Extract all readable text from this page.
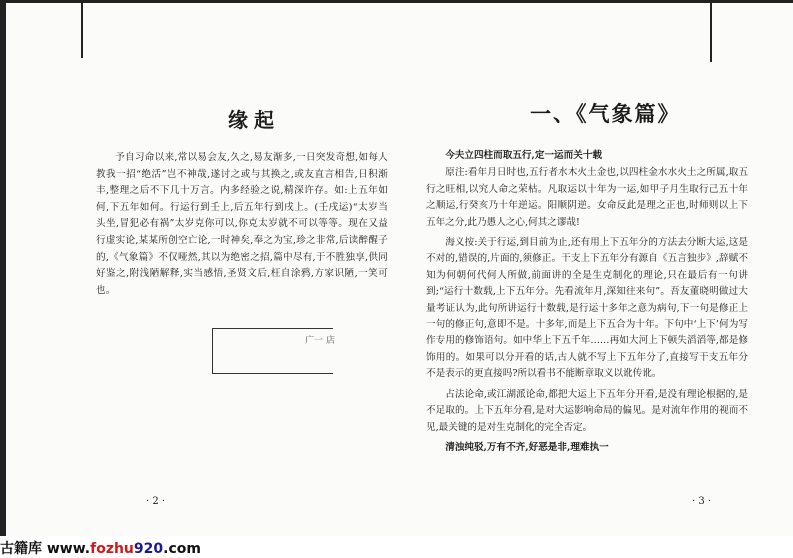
缘起

予自习命以来,常以易会友,久之,易友渐多,一日突发奇想,如每人教我一招“绝活”岂不神哉,遂讨之或与其换之,或友直言相告,日积渐丰,整理之后不下几十万言。内多经验之说,精深许存。如:上五年如何,下五年如何。行运行到壬上,后五年行到戌上。(壬戌运)“太岁当头坐,冒犯必有祸”太岁克你可以,你克太岁就不可以等等。现在又益行虚实论,某某所创空亡论,一时神矣,奉之为宝,珍之非常,后读醉醒子的,《气象篇》不仅哑然,其以为绝密之招,篇中尽有,于不胜独享,供同好鉴之,附浅陋解释,实当感悟,圣贤文后,枉自涂鸦,方家识陋,一笑可也。

广一 店
· 2 ·
一、《气象篇》

今夫立四柱而取五行,定一运而关十载

原注:看年月日时也,五行者水木火土金也,以四柱金水水火土之所属,取五行之旺相,以究人命之荣枯。凡取运以十年为一运,如甲子月生取行己五十年之顺运,行癸亥乃十年逆运。阳顺阴逆。女命反此是理之正也,时师则以上下五年之分,此乃愚人之心,何其之谬哉!

海义按:关于行运,到目前为止,还有用上下五年分的方法去分断大运,这是不对的,错误的,片面的,须修正。干支上下五年分有源自《五言独步》,辞赋不知为何朝何代何人所做,前面讲的全是生克制化的理论,只在最后有一句讲到;“运行十数载,上下五年分。先看流年月,深知往来句”。吾友董晓明做过大量考证认为,此句所讲运行十数载,是行运十多年之意为病句,下一句是修正上一句的修正句,意即不是。十多年,而是上下五合为十年。下句中‘上下’何为写作专用的修饰语句。如中华上下五千年……再如大河上下顿失滔滔等,都是修饰用的。如果可以分开看的话,古人就不写上下五年分了,直接写干支五年分不是表示的更直接吗?所以看书不能断章取义以讹传讹。

占法论命,或江湖派论命,都把大运上下五年分开看,是没有理论根据的,是不足取的。上下五年分看,是对大运影响命局的偏见。是对流年作用的视而不见,最关键的是对生克制化的完全否定。

清浊纯驳,万有不齐,好恶是非,理难执一

· 3 ·
古籍库 www.fozhu920.com
